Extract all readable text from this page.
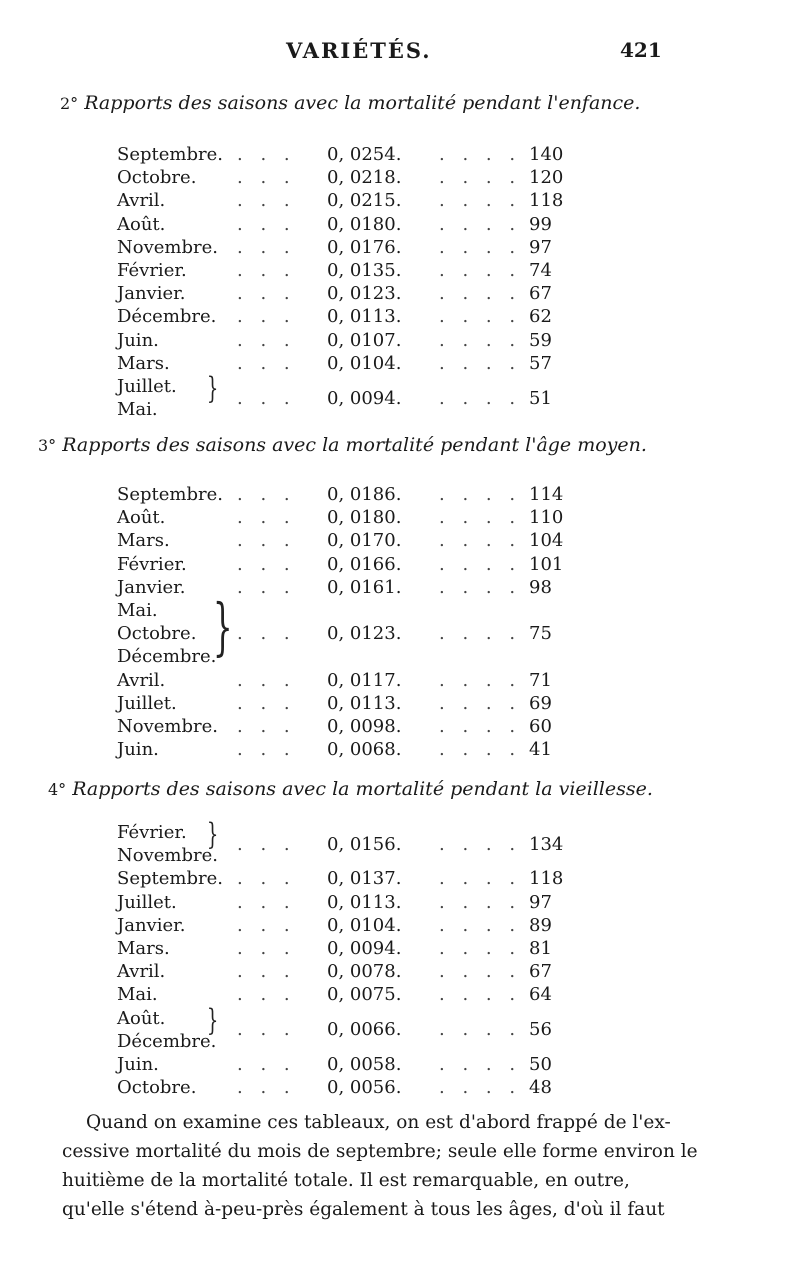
VARIÉTÉS.	421
2° Rapports des saisons avec la mortalité pendant l'enfance.
Septembre. . . . 0, 0254. . . . . 140
Octobre. . . . 0, 0218. . . . . 120
Avril.	. . . 0, 0215. . . . . 118
Août.	. . . 0, 0180. . . . . 99
Novembre. . . . 0, 0176. . . . . 97
Février.	. . . 0, 0135. . . . . 74
Janvier.	. . . 0, 0123. . . . . 67
Décembre. . . . 0, 0113. . . . . 62
Juin.	. . . 0, 0107. . . . . 59
Mars.	. . . 0, 0104. . . . . 57
Juillet.
Mai.
} . . . 0, 0094. . . . . 51
3° Rapports des saisons avec la mortalité pendant l'âge moyen.
Septembre. . . . 0, 0186. . . . . 114
Août.	. . . 0, 0180. . . . . 110
Mars.	. . . 0, 0170. . . . . 104
Février.	. . . 0, 0166. . . . . 101
Janvier.	. . . 0, 0161. . . . . 98
Mai.
Octobre.
Décembre.
} . . . 0, 0123. . . . . 75
Avril.	. . . 0, 0117. . . . . 71
Juillet.	. . . 0, 0113. . . . . 69
Novembre. . . . 0, 0098. . . . . 60
Juin.	. . . 0, 0068. . . . . 41
4° Rapports des saisons avec la mortalité pendant la vieillesse.
Février.
Novembre.
} . . . 0, 0156. . . . . 134
Septembre. . . . 0, 0137. . . . . 118
Juillet.	. . . 0, 0113. . . . . 97
Janvier.	. . . 0, 0104. . . . . 89
Mars.	. . . 0, 0094. . . . . 81
Avril.	. . . 0, 0078. . . . . 67
Mai.	. . . 0, 0075. . . . . 64
Août.
Décembre.
} . . . 0, 0066. . . . . 56
Juin.	. . . 0, 0058. . . . . 50
Octobre. . . . 0, 0056. . . . . 48
Quand on examine ces tableaux, on est d'abord frappé de l'ex-
cessive mortalité du mois de septembre; seule elle forme environ le
huitième de la mortalité totale. Il est remarquable, en outre,
qu'elle s'étend à-peu-près également à tous les âges, d'où il faut
